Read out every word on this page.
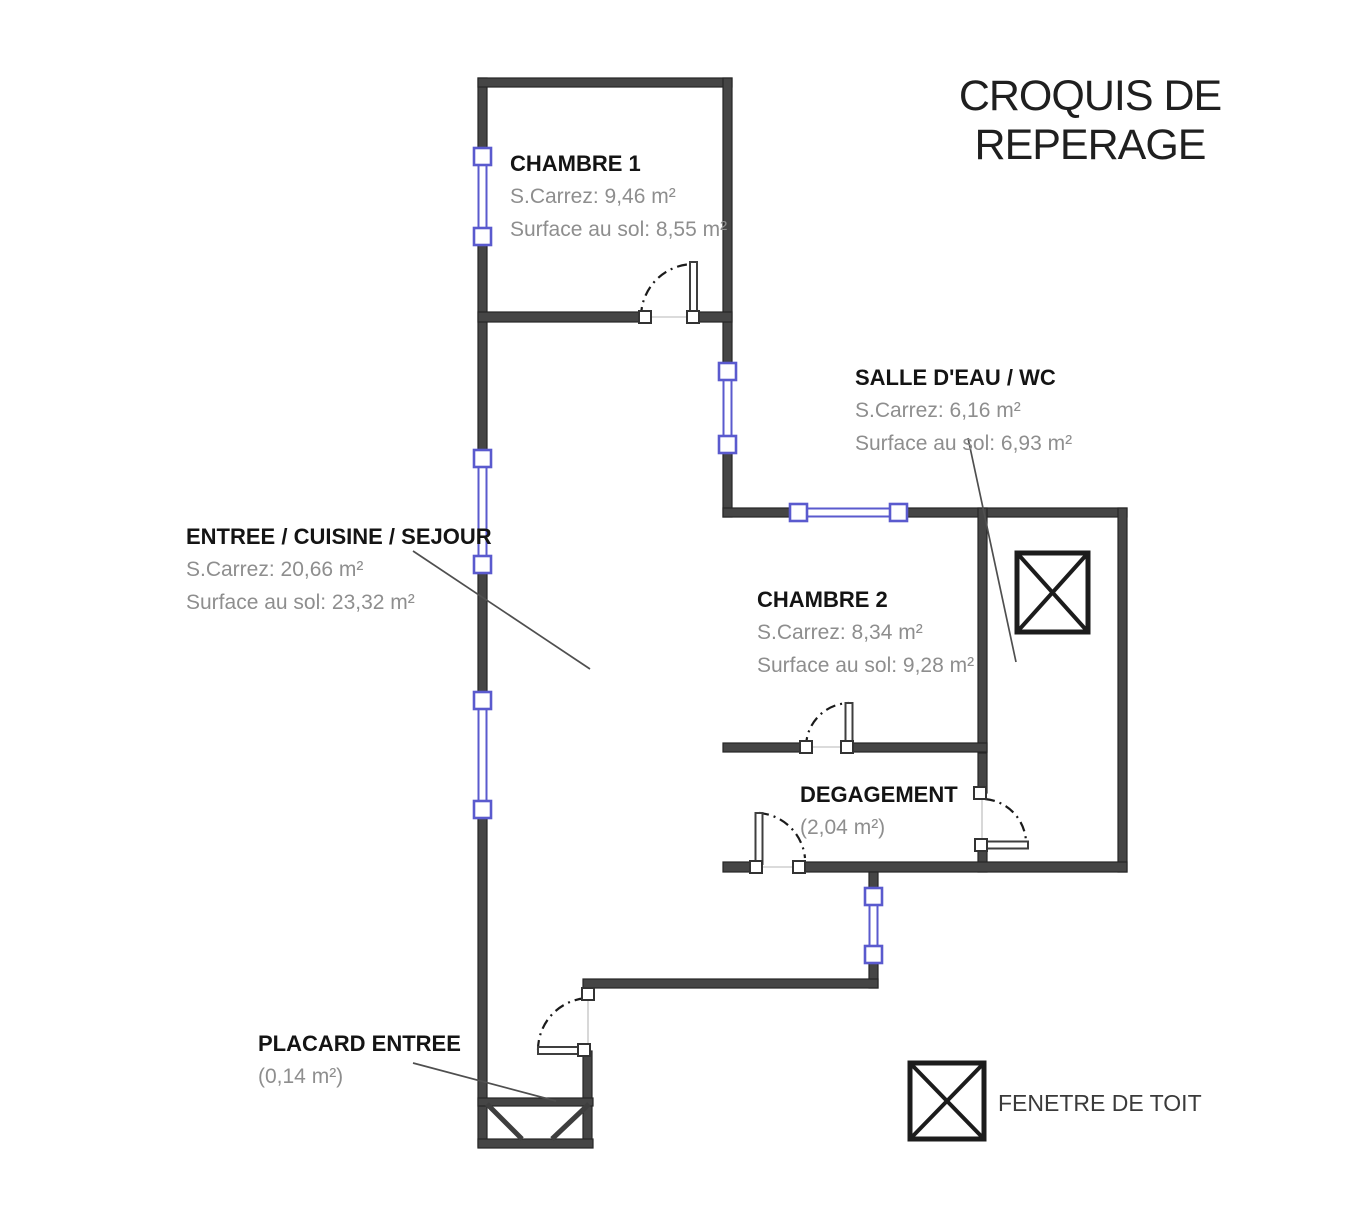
CROQUIS DE REPERAGE
CHAMBRE 1
S.Carrez: 9,46 m²
Surface au sol: 8,55 m²
SALLE D'EAU / WC
S.Carrez: 6,16 m²
Surface au sol: 6,93 m²
ENTREE / CUISINE / SEJOUR
S.Carrez: 20,66 m²
Surface au sol: 23,32 m²	CHAMBRE 2
S.Carrez: 8,34 m²
Surface au sol: 9,28 m²
DEGAGEMENT
(2,04 m²)
PLACARD ENTREE
(0,14 m²)
FENETRE DE TOIT
